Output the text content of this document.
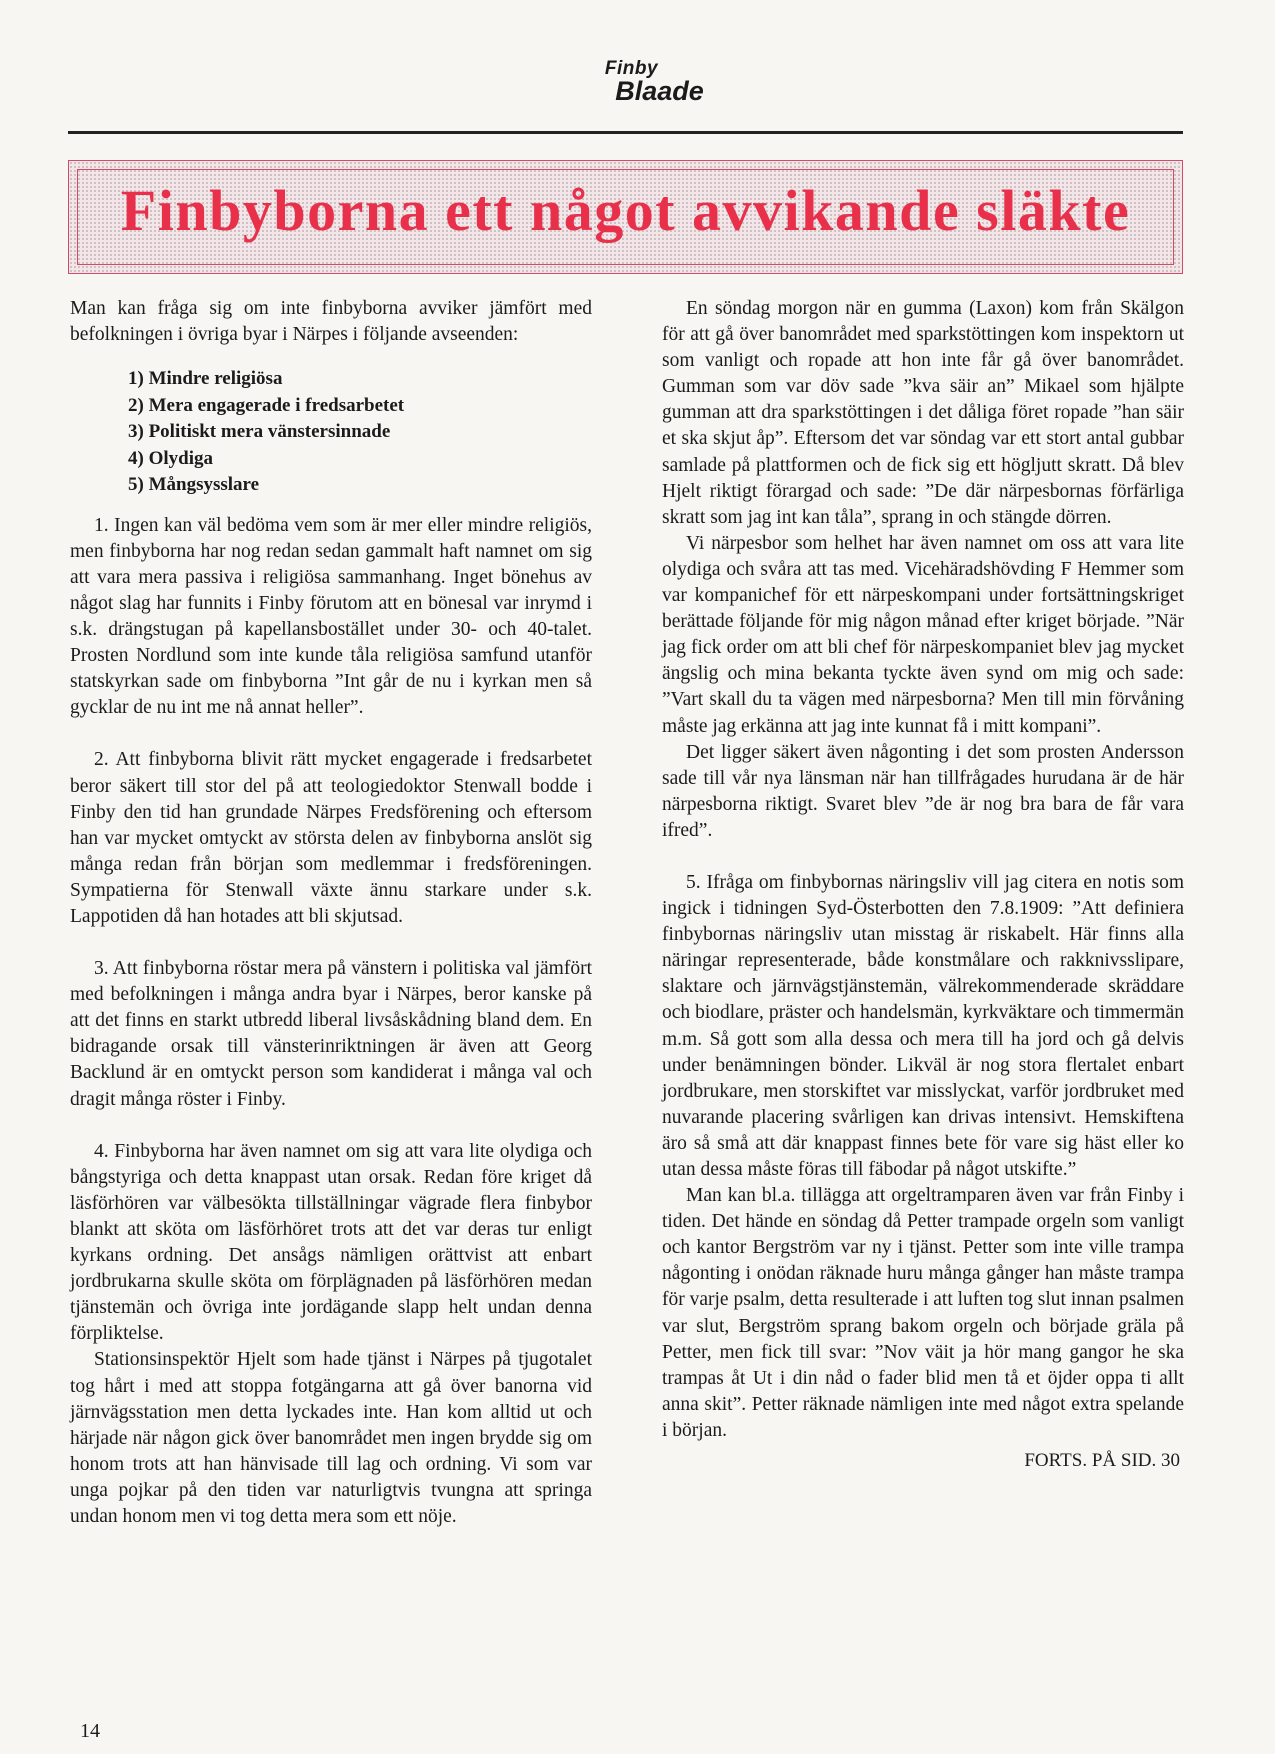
Finby
Blaade
Finbyborna ett något avvikande släkte

Man kan fråga sig om inte finbyborna avviker jämfört med befolkningen i övriga byar i Närpes i följande avseenden:

1) Mindre religiösa
2) Mera engagerade i fredsarbetet
3) Politiskt mera vänstersinnade
4) Olydiga
5) Mångsysslare

1. Ingen kan väl bedöma vem som är mer eller mindre religiös, men finbyborna har nog redan sedan gammalt haft namnet om sig att vara mera passiva i religiösa sammanhang. Inget bönehus av något slag har funnits i Finby förutom att en bönesal var inrymd i s.k. drängstugan på kapellansbostället under 30- och 40-talet. Prosten Nordlund som inte kunde tåla religiösa samfund utanför statskyrkan sade om finbyborna ”Int går de nu i kyrkan men så gycklar de nu int me nå annat heller”.

2. Att finbyborna blivit rätt mycket engagerade i fredsarbetet beror säkert till stor del på att teologiedoktor Stenwall bodde i Finby den tid han grundade Närpes Fredsförening och eftersom han var mycket omtyckt av största delen av finbyborna anslöt sig många redan från början som medlemmar i fredsföreningen. Sympatierna för Stenwall växte ännu starkare under s.k. Lappotiden då han hotades att bli skjutsad.

3. Att finbyborna röstar mera på vänstern i politiska val jämfört med befolkningen i många andra byar i Närpes, beror kanske på att det finns en starkt utbredd liberal livsåskådning bland dem. En bidragande orsak till vänsterinriktningen är även att Georg Backlund är en omtyckt person som kandiderat i många val och dragit många röster i Finby.

4. Finbyborna har även namnet om sig att vara lite olydiga och bångstyriga och detta knappast utan orsak. Redan före kriget då läsförhören var välbesökta tillställningar vägrade flera finbybor blankt att sköta om läsförhöret trots att det var deras tur enligt kyrkans ordning. Det ansågs nämligen orättvist att enbart jordbrukarna skulle sköta om förplägnaden på läsförhören medan tjänstemän och övriga inte jordägande slapp helt undan denna förpliktelse.

Stationsinspektör Hjelt som hade tjänst i Närpes på tjugotalet tog hårt i med att stoppa fotgängarna att gå över banorna vid järnvägsstation men detta lyckades inte. Han kom alltid ut och härjade när någon gick över banområdet men ingen brydde sig om honom trots att han hänvisade till lag och ordning. Vi som var unga pojkar på den tiden var naturligtvis tvungna att springa undan honom men vi tog detta mera som ett nöje.

En söndag morgon när en gumma (Laxon) kom från Skälgon för att gå över banområdet med sparkstöttingen kom inspektorn ut som vanligt och ropade att hon inte får gå över banområdet. Gumman som var döv sade ”kva säir an” Mikael som hjälpte gumman att dra sparkstöttingen i det dåliga föret ropade ”han säir et ska skjut åp”. Eftersom det var söndag var ett stort antal gubbar samlade på plattformen och de fick sig ett högljutt skratt. Då blev Hjelt riktigt förargad och sade: ”De där närpesbornas förfärliga skratt som jag int kan tåla”, sprang in och stängde dörren.

Vi närpesbor som helhet har även namnet om oss att vara lite olydiga och svåra att tas med. Vicehäradshövding F Hemmer som var kompanichef för ett närpeskompani under fortsättningskriget berättade följande för mig någon månad efter kriget började. ”När jag fick order om att bli chef för närpeskompaniet blev jag mycket ängslig och mina bekanta tyckte även synd om mig och sade: ”Vart skall du ta vägen med närpesborna? Men till min förvåning måste jag erkänna att jag inte kunnat få i mitt kompani”.

Det ligger säkert även någonting i det som prosten Andersson sade till vår nya länsman när han tillfrågades hurudana är de här närpesborna riktigt. Svaret blev ”de är nog bra bara de får vara ifred”.

5. Ifråga om finbybornas näringsliv vill jag citera en notis som ingick i tidningen Syd-Österbotten den 7.8.1909: ”Att definiera finbybornas näringsliv utan misstag är riskabelt. Här finns alla näringar representerade, både konstmålare och rakknivsslipare, slaktare och järnvägstjänstemän, välrekommenderade skräddare och biodlare, präster och handelsmän, kyrkväktare och timmermän m.m. Så gott som alla dessa och mera till ha jord och gå delvis under benämningen bönder. Likväl är nog stora flertalet enbart jordbrukare, men storskiftet var misslyckat, varför jordbruket med nuvarande placering svårligen kan drivas intensivt. Hemskiftena äro så små att där knappast finnes bete för vare sig häst eller ko utan dessa måste föras till fäbodar på något utskifte.”

Man kan bl.a. tillägga att orgeltramparen även var från Finby i tiden. Det hände en söndag då Petter trampade orgeln som vanligt och kantor Bergström var ny i tjänst. Petter som inte ville trampa någonting i onödan räknade huru många gånger han måste trampa för varje psalm, detta resulterade i att luften tog slut innan psalmen var slut, Bergström sprang bakom orgeln och började gräla på Petter, men fick till svar: ”Nov väit ja hör mang gangor he ska trampas åt Ut i din nåd o fader blid men tå et öjder oppa ti allt anna skit”. Petter räknade nämligen inte med något extra spelande i början.

FORTS. PÅ SID. 30
14
